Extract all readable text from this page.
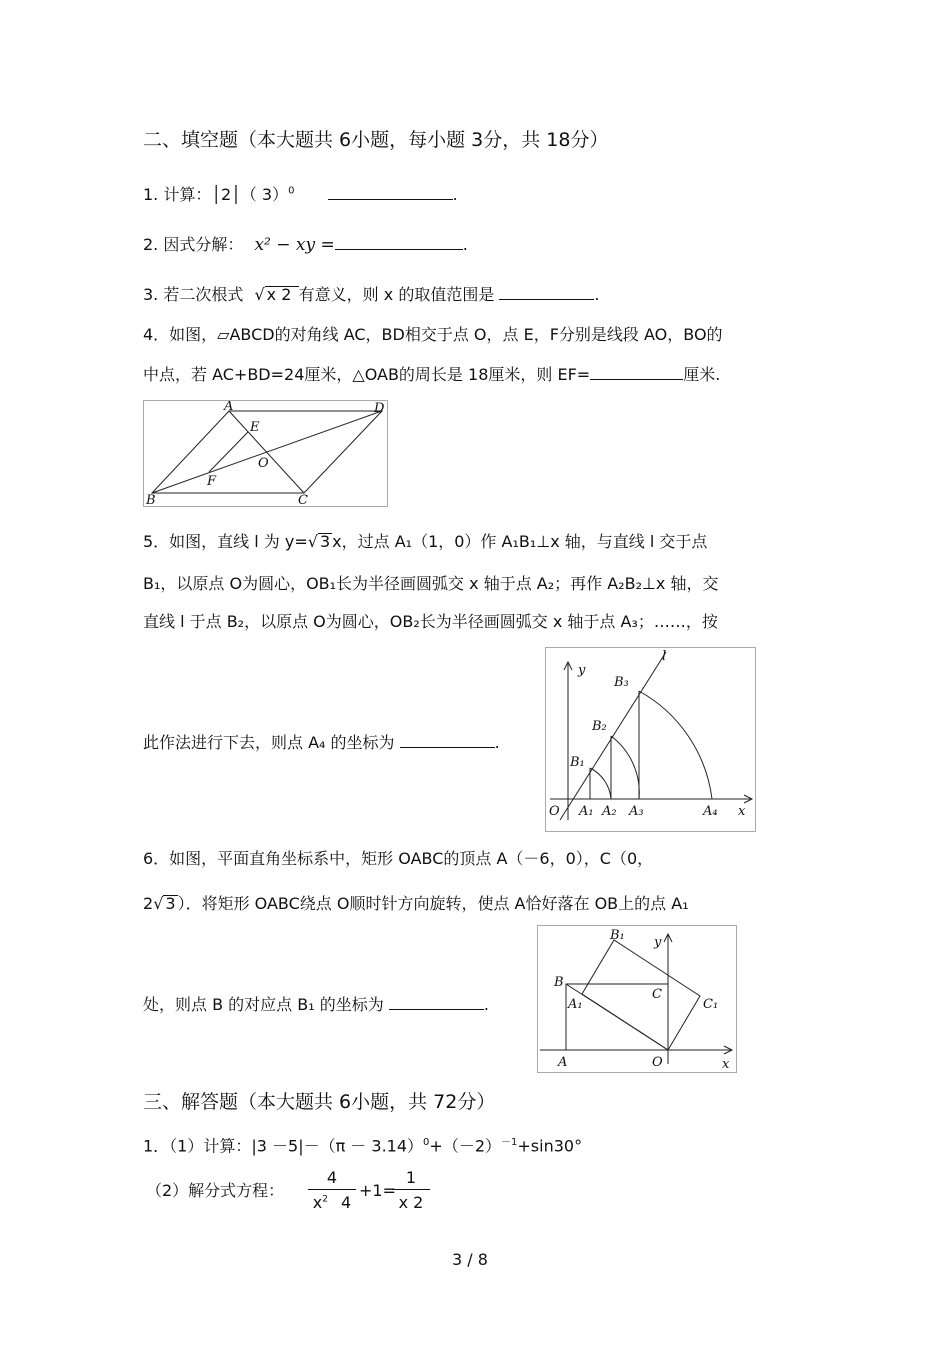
二、填空题（本大题共 6小题，每小题 3分，共 18分）
1. 计算：│2│（ 3）$^0$	.
2. 因式分解： x² − xy =	.
3. 若二次根式 √ x 2 有意义，则 x 的取值范围是	.
4．如图，▱ABCD的对角线 AC，BD相交于点 O，点 E，F分别是线段 AO，BO的
中点，若 AC+BD=24厘米，△OAB的周长是 18厘米，则 EF=	厘米.
A	D
E
O
F
B	C
5．如图，直线 l 为 y=√ 3 x，过点 A₁（1，0）作 A₁B₁⊥x 轴，与直线 l 交于点
B₁，以原点 O为圆心，OB₁长为半径画圆弧交 x 轴于点 A₂；再作 A₂B₂⊥x 轴，交
直线 l 于点 B₂，以原点 O为圆心，OB₂长为半径画圆弧交 x 轴于点 A₃；……，按
此作法进行下去，则点 A₄ 的坐标为	.
y
l
B₃
B₂
B₁
O A₁ A₂ A₃	A₄ x
6．如图，平面直角坐标系中，矩形 OABC的顶点 A（－6，0），C（0，
2√ 3 ）．将矩形 OABC绕点 O顺时针方向旋转，使点 A恰好落在 OB上的点 A₁
处，则点 B 的对应点 B₁ 的坐标为	.
B₁ y
B
A₁
C
C₁
A	O	x
三、解答题（本大题共 6小题，共 72分）
1．（1）计算：$|3 -5|-(\pi - 3.14)^0+(-2)^{-1}+\sin 30^\circ$
（2）解分式方程： $\frac{4}{x^2 4} +1=$
$\frac{1}{x 2}$
3 / 8
